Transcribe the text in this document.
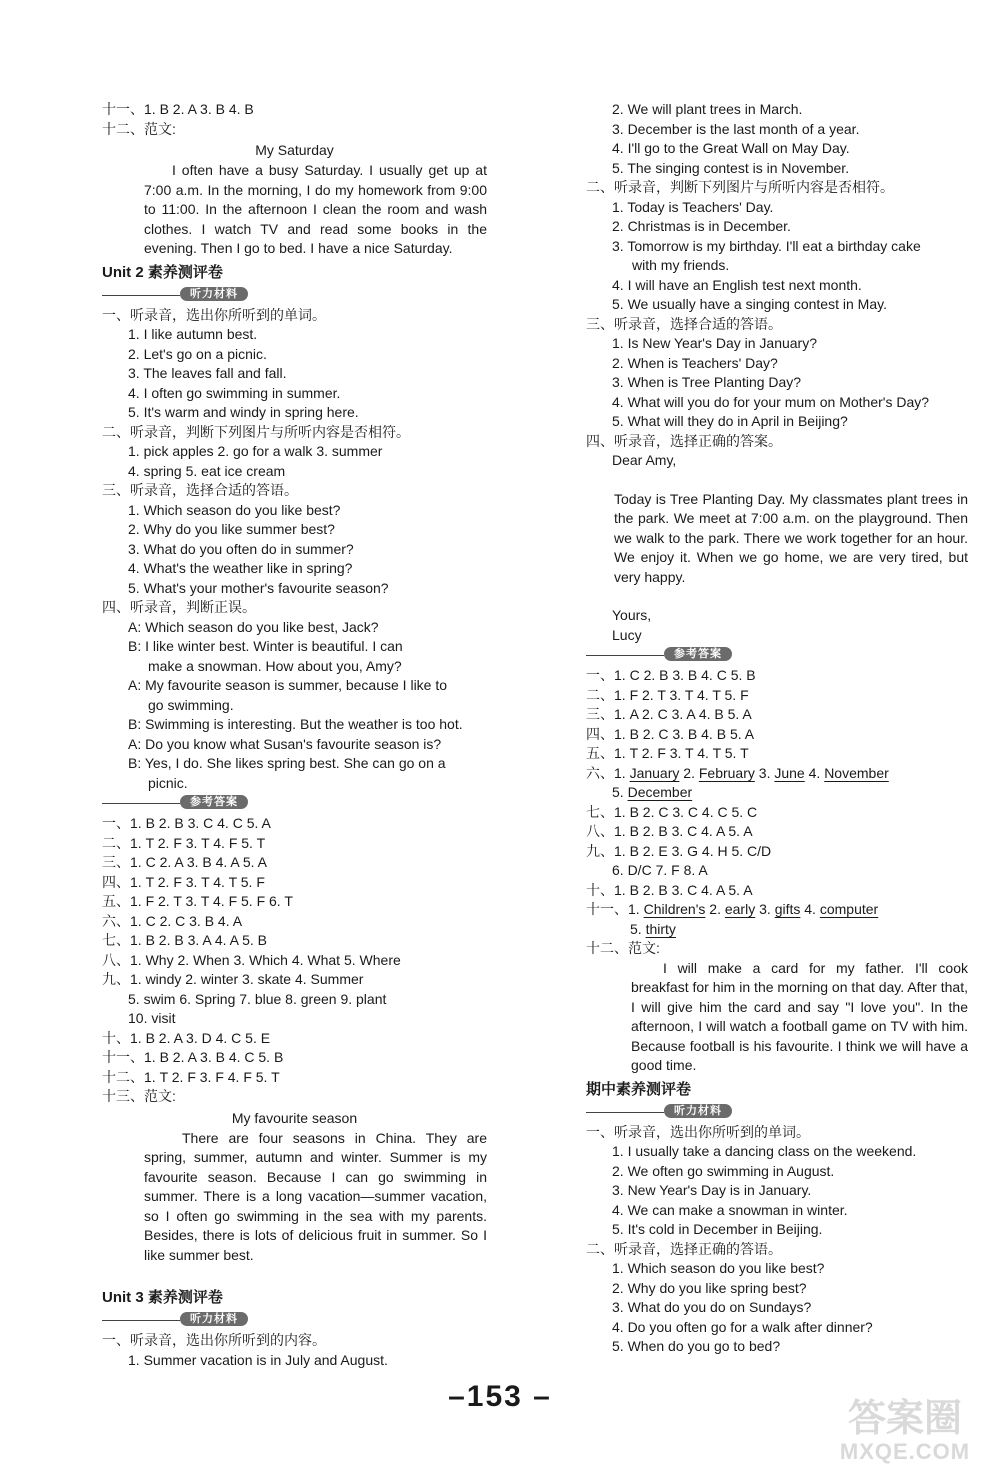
十一、1. B 2. A 3. B 4. B
十二、范文:
My Saturday
I often have a busy Saturday. I usually get up at 7:00 a.m. In the morning, I do my homework from 9:00 to 11:00. In the afternoon I clean the room and wash clothes. I watch TV and read some books in the evening. Then I go to bed. I have a nice Saturday.
Unit 2 素养测评卷
听力材料
一、听录音，选出你所听到的单词。
1. I like autumn best.
2. Let's go on a picnic.
3. The leaves fall and fall.
4. I often go swimming in summer.
5. It's warm and windy in spring here.
二、听录音，判断下列图片与所听内容是否相符。
1. pick apples 2. go for a walk 3. summer
4. spring 5. eat ice cream
三、听录音，选择合适的答语。
1. Which season do you like best?
2. Why do you like summer best?
3. What do you often do in summer?
4. What's the weather like in spring?
5. What's your mother's favourite season?
四、听录音，判断正误。
A: Which season do you like best, Jack?
B: I like winter best. Winter is beautiful. I can
make a snowman. How about you, Amy?
A: My favourite season is summer, because I like to
go swimming.
B: Swimming is interesting. But the weather is too hot.
A: Do you know what Susan's favourite season is?
B: Yes, I do. She likes spring best. She can go on a
picnic.
参考答案
一、1. B 2. B 3. C 4. C 5. A
二、1. T 2. F 3. T 4. F 5. T
三、1. C 2. A 3. B 4. A 5. A
四、1. T 2. F 3. T 4. T 5. F
五、1. F 2. T 3. T 4. F 5. F 6. T
六、1. C 2. C 3. B 4. A
七、1. B 2. B 3. A 4. A 5. B
八、1. Why 2. When 3. Which 4. What 5. Where
九、1. windy 2. winter 3. skate 4. Summer
5. swim 6. Spring 7. blue 8. green 9. plant
10. visit
十、1. B 2. A 3. D 4. C 5. E
十一、1. B 2. A 3. B 4. C 5. B
十二、1. T 2. F 3. F 4. F 5. T
十三、范文:
My favourite season
There are four seasons in China. They are spring, summer, autumn and winter. Summer is my favourite season. Because I can go swimming in summer. There is a long vacation—summer vacation, so I often go swimming in the sea with my parents. Besides, there is lots of delicious fruit in summer. So I like summer best.
Unit 3 素养测评卷
听力材料
一、听录音，选出你所听到的内容。
1. Summer vacation is in July and August.
2. We will plant trees in March.
3. December is the last month of a year.
4. I'll go to the Great Wall on May Day.
5. The singing contest is in November.
二、听录音，判断下列图片与所听内容是否相符。
1. Today is Teachers' Day.
2. Christmas is in December.
3. Tomorrow is my birthday. I'll eat a birthday cake
with my friends.
4. I will have an English test next month.
5. We usually have a singing contest in May.
三、听录音，选择合适的答语。
1. Is New Year's Day in January?
2. When is Teachers' Day?
3. When is Tree Planting Day?
4. What will you do for your mum on Mother's Day?
5. What will they do in April in Beijing?
四、听录音，选择正确的答案。
Dear Amy,
Today is Tree Planting Day. My classmates plant trees in the park. We meet at 7:00 a.m. on the playground. Then we walk to the park. There we work together for an hour. We enjoy it. When we go home, we are very tired, but very happy.
Yours,
Lucy
参考答案
一、1. C 2. B 3. B 4. C 5. B
二、1. F 2. T 3. T 4. T 5. F
三、1. A 2. C 3. A 4. B 5. A
四、1. B 2. C 3. B 4. B 5. A
五、1. T 2. F 3. T 4. T 5. T
六、1. January 2. February 3. June 4. November
5. December
七、1. B 2. C 3. C 4. C 5. C
八、1. B 2. B 3. C 4. A 5. A
九、1. B 2. E 3. G 4. H 5. C/D
6. D/C 7. F 8. A
十、1. B 2. B 3. C 4. A 5. A
十一、1. Children's 2. early 3. gifts 4. computer
5. thirty
十二、范文:
I will make a card for my father. I'll cook breakfast for him in the morning on that day. After that, I will give him the card and say "I love you". In the afternoon, I will watch a football game on TV with him. Because football is his favourite. I think we will have a good time.
期中素养测评卷
听力材料
一、听录音，选出你所听到的单词。
1. I usually take a dancing class on the weekend.
2. We often go swimming in August.
3. New Year's Day is in January.
4. We can make a snowman in winter.
5. It's cold in December in Beijing.
二、听录音，选择正确的答语。
1. Which season do you like best?
2. Why do you like spring best?
3. What do you do on Sundays?
4. Do you often go for a walk after dinner?
5. When do you go to bed?
–153 –
答案圈
MXQE.COM
